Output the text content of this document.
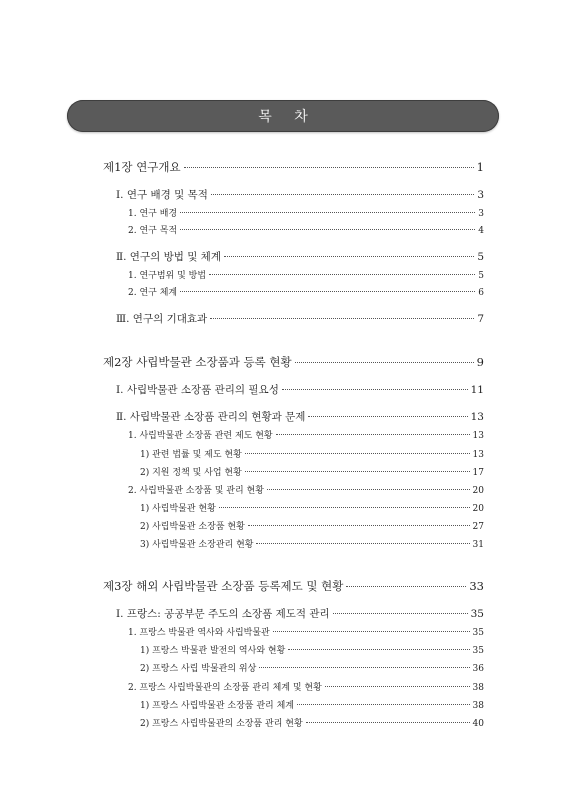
목 차
제1장 연구개요	1
Ⅰ. 연구 배경 및 목적	3
1. 연구 배경	3
2. 연구 목적	4
Ⅱ. 연구의 방법 및 체계	5
1. 연구범위 및 방법	5
2. 연구 체계	6
Ⅲ. 연구의 기대효과	7
제2장 사립박물관 소장품과 등록 현황	9
Ⅰ. 사립박물관 소장품 관리의 필요성	11
Ⅱ. 사립박물관 소장품 관리의 현황과 문제	13
1. 사립박물관 소장품 관련 제도 현황	13
1) 관련 법률 및 제도 현황	13
2) 지원 정책 및 사업 현황	17
2. 사립박물관 소장품 및 관리 현황	20
1) 사립박물관 현황	20
2) 사립박물관 소장품 현황	27
3) 사립박물관 소장관리 현황	31
제3장 해외 사립박물관 소장품 등록제도 및 현황	33
Ⅰ. 프랑스: 공공부문 주도의 소장품 제도적 관리	35
1. 프랑스 박물관 역사와 사립박물관	35
1) 프랑스 박물관 발전의 역사와 현황	35
2) 프랑스 사립 박물관의 위상	36
2. 프랑스 사립박물관의 소장품 관리 체계 및 현황	38
1) 프랑스 사립박물관 소장품 관리 체계	38
2) 프랑스 사립박물관의 소장품 관리 현황	40
